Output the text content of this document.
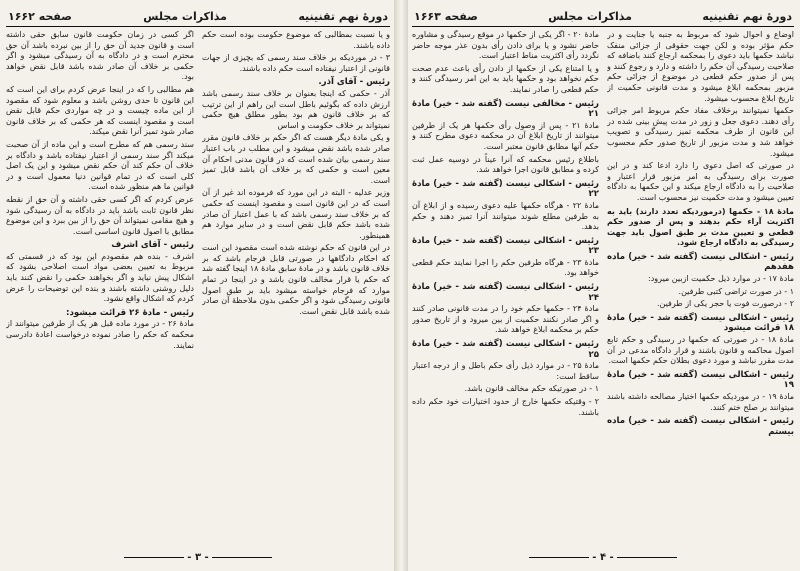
دورهٔ نهم تقنینیه
مذاکرات مجلس
صفحه ۱۶۶۲

و یا نسبت بمطالبی که موضوع حکومت بوده است حکم داده باشند.

۳ - در مورديکه بر خلاف سند رسمی که بچيزی از جهات قانونی از اعتبار نيفتاده است حکم داده باشند.

رئیس - آقای آذر.

آذر - حکمی که اینجا بعنوان بر خلاف سند رسمی باشد ارزش داده که بگوئیم باطل است این راهم از این ترتیب که بر خلاف قانون هم بود بطور مطلق هیچ حکمی نمیتواند بر خلاف حکومت و اساس

و یکی مادهٔ دیگر هست که اگر حکم بر خلاف قانون مقرر صادر شده باشد نقض میشود و این مطلب در باب اعتبار سند رسمی بیان شده است که در قانون مدنی احکام آن معین است و حکمی که بر خلاف آن باشد قابل تمیز است.

وزیر عدلیه - البته در این مورد که فرموده اند غیر از آن است که در این قانون است و مقصود اینست که حکمی که بر خلاف سند رسمی باشد که با عمل اعتبار آن صادر شده باشد حکم قابل نقض است و در سایر موارد هم همینطور.

در این قانون که حکم نوشته شده است مقصود این است که احکام دادگاهها در صورتی قابل فرجام باشد که بر خلاف قانون باشد و در مادهٔ سابق مادهٔ ۱۸ اینجا گفته شد که حکم یا قرار مخالف قانون باشد و در اینجا در تمام موارد که فرجام خواسته میشود باید بر طبق اصول قانونی رسیدگی شود و اگر حکمی بدون ملاحظهٔ آن صادر شده باشد قابل نقض است.

اگر کسی در زمان حکومت قانون سابق حقی داشته است و قانون جدید آن حق را از بین نبرده باشد آن حق محترم است و در دادگاه به آن رسیدگی میشود و اگر حکمی بر خلاف آن صادر شده باشد قابل نقض خواهد بود.

هم مطالبی را که در اینجا عرض کردم برای این است که این قانون تا حدی روشن باشد و معلوم شود که مقصود از این ماده چیست و در چه مواردی حکم قابل نقض است و مقصود اینست که هر حکمی که بر خلاف قانون صادر شود تمیز آنرا نقض میکند.

سند رسمی هم که مطرح است و این ماده از آن صحبت میکند اگر سند رسمی از اعتبار نیفتاده باشد و دادگاه بر خلاف آن حکم کند آن حکم نقض میشود و این یک اصل کلی است که در تمام قوانین دنیا معمول است و در قوانین ما هم منظور شده است.

عرض کردم که اگر کسی حقی داشته و آن حق از نقطه نظر قانون ثابت باشد باید در دادگاه به آن رسیدگی شود و هیچ مقامی نمیتواند آن حق را از بین ببرد و این موضوع مطابق با اصول قانون اساسی است.

رئیس - آقای اشرف

اشرف - بنده هم مقصودم این بود که در قسمتی که مربوط به تعیین بعضی مواد است اصلاحی بشود که اشکال پیش نیاید و اگر بخواهند حکمی را نقض کنند باید دلیل روشنی داشته باشند و بنده این توضیحات را عرض کردم که اشکال واقع نشود.

رئیس - مادهٔ ۲۶ قرائت میشود:

مادهٔ ۲۶ - در مورد ماده قبل هر یک از طرفین میتوانند از محکمه که حکم را صادر نموده درخواست اعادهٔ دادرسی نمایند.

- ۳ -
دورهٔ نهم تقنینیه
مذاکرات مجلس
صفحه ۱۶۶۳

اوضاع و احوال شود که مربوط به جنبه یا جنایت و در حکم مؤثر بوده و لکن جهت حقوقی از جزائی منفک نباشد حکمها باید دعوی را بمحکمه ارجاع کنند باضافه که صلاحیت رسیدگی آن حکم را داشته و دارد و رجوع کنند و پس از صدور حکم قطعی در موضوع از جزائی حکم مزبور بمحکمه ابلاغ میشود و مدت قانونی حکمیت از تاریخ ابلاغ محسوب میشود.

حکمها نمیتوانند برخلاف مفاد حکم مربوط امر جزائی رأی دهند. دعوی جعل و زور در مدت پیش بینی شده در این قانون از طرف محکمه تمیز رسیدگی و تصویب خواهد شد و مدت مزبور از تاریخ صدور حکم محسوب میشود.

در صورتی که اصل دعوی را دارد ادعا کند و در این صورت برای رسیدگی به امر مزبور قرار اعتبار و صلاحیت را به دادگاه ارجاع میکند و این حکمها به دادگاه تعیین میشود و مدت حکمیت نیز محسوب است.

مادهٔ ۱۸ - حکمها (درموردیکه تعدد دارند) باید به اکثریت آراء حکم بدهند و پس از صدور حکم قطعی و تعیین مدت بر طبق اصول باید جهت رسیدگی به دادگاه ارجاع شود.

رئیس - اشکالی نیست (گفته شد - خیر) ماده هفدهم

مادهٔ ۱۷ - در موارد ذیل حکمیت ازبین میرود:

۱ - در صورت تراضی کتبی طرفین.

۲ - درصورت فوت یا حجر یکی از طرفین.

رئیس - اشکالی نیست (گفته شد - خیر) مادهٔ ۱۸ قرائت میشود

مادهٔ ۱۸ - در صورتی که حکمها در رسیدگی و حکم تابع اصول محاکمه و قانون باشند و قرار دادگاه مدعی در آن مدت مقرر نباشد و مورد دعوی بطلان حکم حکمها است.

رئیس - اشکالی نیست (گفته شد - خیر) مادهٔ ۱۹

مادهٔ ۱۹ - در موردیکه حکمها اختیار مصالحه داشته باشند میتوانند بر صلح ختم کنند.

رئیس - اشکالی نیست (گفته شد - خیر) ماده بیستم

مادهٔ ۲۰ - اگر یکی از حکمها در موقع رسیدگی و مشاوره حاضر نشود و یا برای دادن رأی بدون عذر موجه حاضر نگردد رأی اکثریت مناط اعتبار است.

و یا امتناع یکی از حکمها از دادن رأی باعث عدم صحت حکم نخواهد بود و حکمها باید به این امر رسیدگی کنند و حکم قطعی را صادر نمایند.

رئیس - مخالفی نیست (گفته شد - خیر) مادهٔ ۲۱

مادهٔ ۲۱ - پس از وصول رأی حکمها هر یک از طرفین میتوانند از تاریخ ابلاغ آن در محکمه دعوی مطرح کنند و حکم آنها مطابق قانون معتبر است.

باطلاع رئیس محکمه که آنرا عیناً در دوسیه عمل ثبت کرده و مطابق قانون اجرا خواهد شد.

رئیس - اشکالی نیست (گفته شد - خیر) مادهٔ ۲۲

مادهٔ ۲۲ - هرگاه حکمها علیه دعوی رسیده و از ابلاغ آن به طرفین مطلع شوند میتوانند آنرا تمیز دهند و حکم بدهد.

رئیس - اشکالی نیست (گفته شد - خیر) مادهٔ ۲۳

مادهٔ ۲۳ - هرگاه طرفین حکم را اجرا نمایند حکم قطعی خواهد بود.

رئیس - اشکالی نیست (گفته شد - خیر) مادهٔ ۲۴

مادهٔ ۲۴ - حکمها حکم خود را در مدت قانونی صادر کنند و اگر صادر نکنند حکمیت از بین میرود و از تاریخ صدور حکم بر محکمه ابلاغ خواهد شد.

رئیس - اشکالی نیست (گفته شد - خیر) مادهٔ ۲۵

مادهٔ ۲۵ - در موارد ذیل رأی حکم باطل و از درجه اعتبار ساقط است:

۱ - در صورتیکه حکم مخالف قانون باشد.

۲ - وقتیکه حکمها خارج از حدود اختیارات خود حکم داده باشند.

- ۴ -
